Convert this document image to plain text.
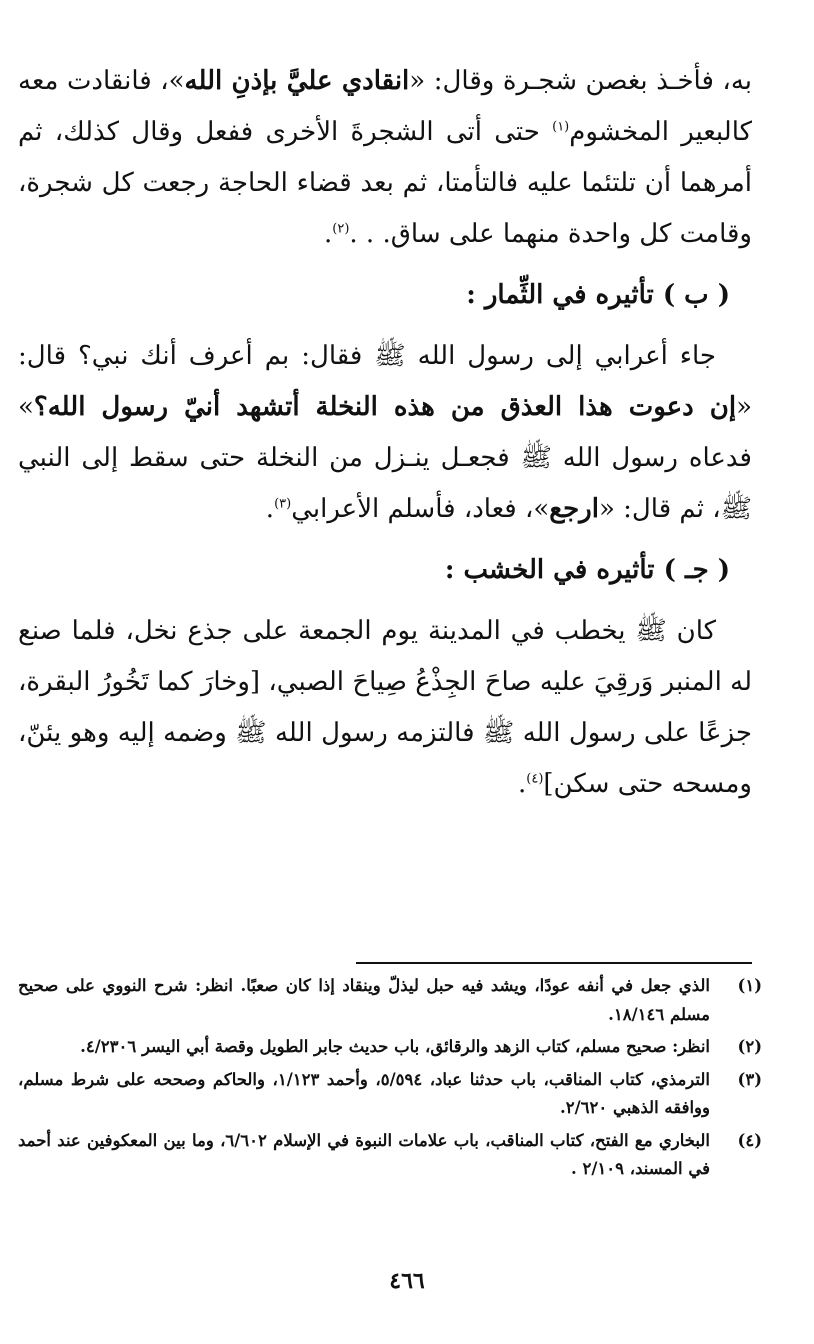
به، فأخـذ بغصن شجـرة وقال: «انقادي عليَّ بإذنِ الله»، فانقادت معه كالبعير المخشوم$^{(١)}$ حتى أتى الشجرةَ الأخرى ففعل وقال كذلك، ثم أمرهما أن تلتئما عليه فالتأمتا، ثم بعد قضاء الحاجة رجعت كل شجرة، وقامت كل واحدة منهما على ساق. . .$^{(٢)}$.

( ب ) تأثيره في الثِّمار :

جاء أعرابي إلى رسول الله ﷺ فقال: بم أعرف أنك نبي؟ قال: «إن دعوت هذا العذق من هذه النخلة أتشهد أنيّ رسول الله؟» فدعاه رسول الله ﷺ فجعـل ينـزل من النخلة حتى سقط إلى النبي ﷺ، ثم قال: «ارجع»، فعاد، فأسلم الأعرابي$^{(٣)}$.

( جـ ) تأثيره في الخشب :

كان ﷺ يخطب في المدينة يوم الجمعة على جذع نخل، فلما صنع له المنبر وَرقِيَ عليه صاحَ الجِذْعُ صِياحَ الصبي، [وخارَ كما تَخُورُ البقرة، جزعًا على رسول الله ﷺ فالتزمه رسول الله ﷺ وضمه إليه وهو يئنّ، ومسحه حتى سكن]$^{(٤)}$.

(١)
الذي جعل في أنفه عودًا، ويشد فيه حبل ليذلّ وينقاد إذا كان صعبًا. انظر: شرح النووي على صحيح مسلم ١٨/١٤٦.
(٢)
انظر: صحيح مسلم، كتاب الزهد والرقائق، باب حديث جابر الطويل وقصة أبي اليسر ٤/٢٣٠٦.
(٣)
الترمذي، كتاب المناقب، باب حدثنا عباد، ٥/٥٩٤، وأحمد ١/١٢٣، والحاكم وصححه على شرط مسلم، ووافقه الذهبي ٢/٦٢٠.
(٤)
البخاري مع الفتح، كتاب المناقب، باب علامات النبوة في الإسلام ٦/٦٠٢، وما بين المعكوفين عند أحمد في المسند، ٢/١٠٩ .
٤٦٦
